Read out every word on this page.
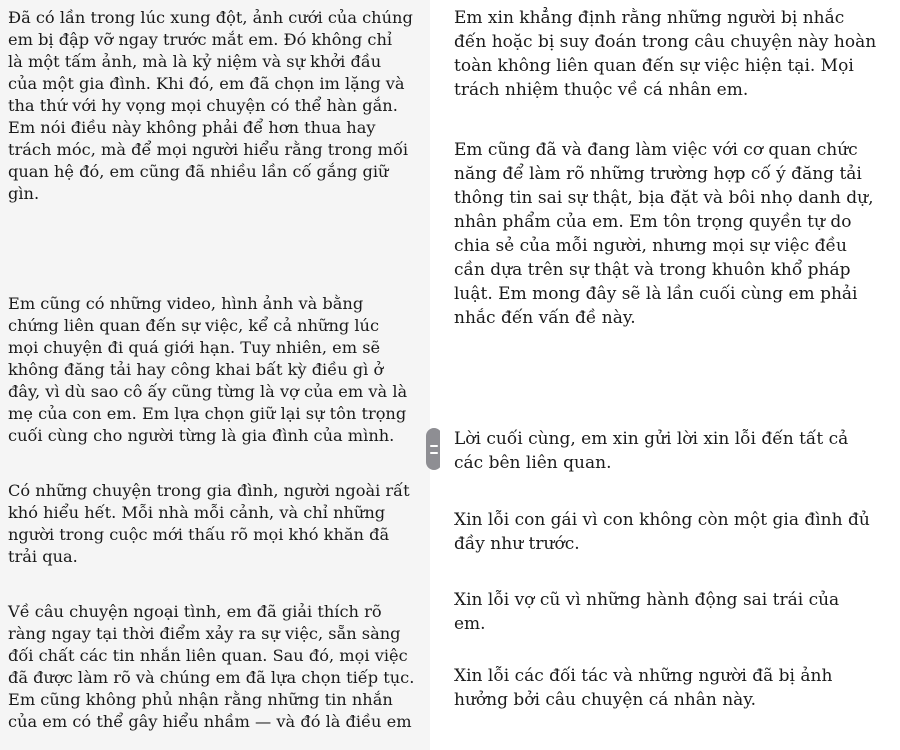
Đã có lần trong lúc xung đột, ảnh cưới của chúng
em bị đập vỡ ngay trước mắt em. Đó không chỉ
là một tấm ảnh, mà là kỷ niệm và sự khởi đầu
của một gia đình. Khi đó, em đã chọn im lặng và
tha thứ với hy vọng mọi chuyện có thể hàn gắn.
Em nói điều này không phải để hơn thua hay
trách móc, mà để mọi người hiểu rằng trong mối
quan hệ đó, em cũng đã nhiều lần cố gắng giữ
gìn.
Em cũng có những video, hình ảnh và bằng
chứng liên quan đến sự việc, kể cả những lúc
mọi chuyện đi quá giới hạn. Tuy nhiên, em sẽ
không đăng tải hay công khai bất kỳ điều gì ở
đây, vì dù sao cô ấy cũng từng là vợ của em và là
mẹ của con em. Em lựa chọn giữ lại sự tôn trọng
cuối cùng cho người từng là gia đình của mình.
Có những chuyện trong gia đình, người ngoài rất
khó hiểu hết. Mỗi nhà mỗi cảnh, và chỉ những
người trong cuộc mới thấu rõ mọi khó khăn đã
trải qua.
Về câu chuyện ngoại tình, em đã giải thích rõ
ràng ngay tại thời điểm xảy ra sự việc, sẵn sàng
đối chất các tin nhắn liên quan. Sau đó, mọi việc
đã được làm rõ và chúng em đã lựa chọn tiếp tục.
Em cũng không phủ nhận rằng những tin nhắn
của em có thể gây hiểu nhầm — và đó là điều em
Em xin khẳng định rằng những người bị nhắc
đến hoặc bị suy đoán trong câu chuyện này hoàn
toàn không liên quan đến sự việc hiện tại. Mọi
trách nhiệm thuộc về cá nhân em.
Em cũng đã và đang làm việc với cơ quan chức
năng để làm rõ những trường hợp cố ý đăng tải
thông tin sai sự thật, bịa đặt và bôi nhọ danh dự,
nhân phẩm của em. Em tôn trọng quyền tự do
chia sẻ của mỗi người, nhưng mọi sự việc đều
cần dựa trên sự thật và trong khuôn khổ pháp
luật. Em mong đây sẽ là lần cuối cùng em phải
nhắc đến vấn đề này.
Lời cuối cùng, em xin gửi lời xin lỗi đến tất cả
các bên liên quan.
Xin lỗi con gái vì con không còn một gia đình đủ
đầy như trước.
Xin lỗi vợ cũ vì những hành động sai trái của
em.
Xin lỗi các đối tác và những người đã bị ảnh
hưởng bởi câu chuyện cá nhân này.
